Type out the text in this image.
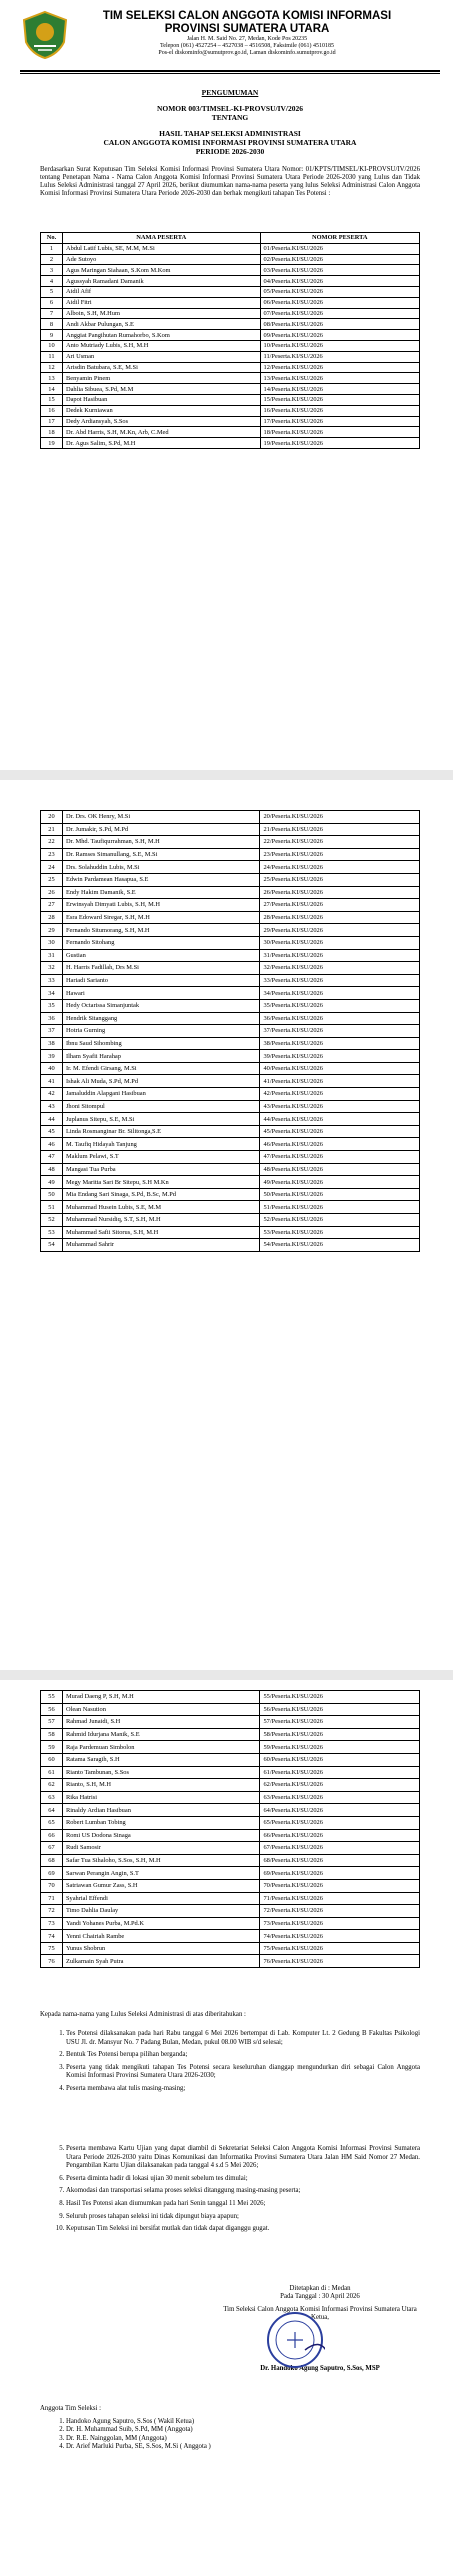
TIM SELEKSI CALON ANGGOTA KOMISI INFORMASI
PROVINSI SUMATERA UTARA
Jalan H. M. Said No. 27, Medan, Kode Pos 20235
Telepon (061) 4527254 – 4527038 – 4516508, Faksimile (061) 4510185
Pos-el diskominfo@sumutprov.go.id, Laman diskominfo.sumutprov.go.id
PENGUMUMAN
NOMOR 003/TIMSEL-KI-PROVSU/IV/2026
TENTANG
HASIL TAHAP SELEKSI ADMINISTRASI
CALON ANGGOTA KOMISI INFORMASI PROVINSI SUMATERA UTARA
PERIODE 2026-2030
Berdasarkan Surat Keputusan Tim Seleksi Komisi Informasi Provinsi Sumatera Utara Nomor: 01/KPTS/TIMSEL/KI-PROVSU/IV/2026 tentang Penetapan Nama - Nama Calon Anggota Komisi Informasi Provinsi Sumatera Utara Periode 2026-2030 yang Lulus dan Tidak Lulus Seleksi Administrasi tanggal 27 April 2026, berikut diumumkan nama-nama peserta yang lulus Seleksi Administrasi Calon Anggota Komisi Informasi Provinsi Sumatera Utara Periode 2026-2030 dan berhak mengikuti tahapan Tes Potensi :
No.	NAMA PESERTA	NOMOR PESERTA
1	Abdul Latif Lubis, SE, M.M, M.Si	01/Peserta.KI/SU/2026
2	Ade Sutoyo	02/Peserta.KI/SU/2026
3	Agus Maringan Siahaan, S.Kom M.Kom	03/Peserta.KI/SU/2026
4	Agussyah Ramadani Damanik	04/Peserta.KI/SU/2026
5	Aidil Afif	05/Peserta.KI/SU/2026
6	Aidil Fitri	06/Peserta.KI/SU/2026
7	Alboin, S.H, M.Hum	07/Peserta.KI/SU/2026
8	Andi Akbar Pulungan, S.E	08/Peserta.KI/SU/2026
9	Anggiat Pangihutan Rumahorbo, S.Kom	09/Peserta.KI/SU/2026
10	Anto Mutriady Lubis, S.H, M.H	10/Peserta.KI/SU/2026
11	Ari Usman	11/Peserta.KI/SU/2026
12	Arisdin Batubara, S.E, M.Si	12/Peserta.KI/SU/2026
13	Benyamin Pinem	13/Peserta.KI/SU/2026
14	Dahlia Sibuea, S.Pd, M.M	14/Peserta.KI/SU/2026
15	Dapot Hasibuan	15/Peserta.KI/SU/2026
16	Dedek Kurniawan	16/Peserta.KI/SU/2026
17	Dedy Ardiansyah, S.Sos	17/Peserta.KI/SU/2026
18	Dr. Abd Harris, S.H, M.Kn, Arb, C.Med	18/Peserta.KI/SU/2026
19	Dr. Agus Salim, S.Pd, M.H	19/Peserta.KI/SU/2026
20	Dr. Drs. OK Henry, M.Si	20/Peserta.KI/SU/2026
21	Dr. Jumakir, S.Pd, M.Pd	21/Peserta.KI/SU/2026
22	Dr. Mhd. Taufiqurrahman, S.H, M.H	22/Peserta.KI/SU/2026
23	Dr. Ramses Simanullang, S.E, M.Si	23/Peserta.KI/SU/2026
24	Drs. Solahuddin Lubis, M.Si	24/Peserta.KI/SU/2026
25	Edwin Pardamean Hasapua, S.E	25/Peserta.KI/SU/2026
26	Endy Hakim Damanik, S.E	26/Peserta.KI/SU/2026
27	Erwinsyah Dimyati Lubis, S.H, M.H	27/Peserta.KI/SU/2026
28	Esra Edoward Siregar, S.H, M.H	28/Peserta.KI/SU/2026
29	Fernando Situmorang, S.H, M.H	29/Peserta.KI/SU/2026
30	Fernando Sitohang	30/Peserta.KI/SU/2026
31	Gustian	31/Peserta.KI/SU/2026
32	H. Harris Fadillah, Drs M.Si	32/Peserta.KI/SU/2026
33	Hariadi Sarianto	33/Peserta.KI/SU/2026
34	Hawari	34/Peserta.KI/SU/2026
35	Hedy Octarissa Simanjuntak	35/Peserta.KI/SU/2026
36	Hendrik Sitanggang	36/Peserta.KI/SU/2026
37	Hotria Gurning	37/Peserta.KI/SU/2026
38	Ibnu Saud Sihombing	38/Peserta.KI/SU/2026
39	Ilham Syafii Harahap	39/Peserta.KI/SU/2026
40	Ir. M. Efendi Girsang, M.Si	40/Peserta.KI/SU/2026
41	Ishak Ali Muda, S.Pd, M.Pd	41/Peserta.KI/SU/2026
42	Jamaluddin Alapgani Hasibuan	42/Peserta.KI/SU/2026
43	Jhoni Sitompul	43/Peserta.KI/SU/2026
44	Juplanus Sitepu, S.E, M.Si	44/Peserta.KI/SU/2026
45	Linda Rosmanginar Br. Silitonga,S.E	45/Peserta.KI/SU/2026
46	M. Taufiq Hidayah Tanjung	46/Peserta.KI/SU/2026
47	Maklum Pelawi, S.T	47/Peserta.KI/SU/2026
48	Mangasi Tua Purba	48/Peserta.KI/SU/2026
49	Megy Maritta Sari Br Sitepu, S.H M.Kn	49/Peserta.KI/SU/2026
50	Mia Endang Sari Sinaga, S.Pd, B.Sc, M.Pd	50/Peserta.KI/SU/2026
51	Muhammad Husein Lubis, S.E, M.M	51/Peserta.KI/SU/2026
52	Muhammad Nursidiq, S.T, S.H, M.H	52/Peserta.KI/SU/2026
53	Muhammad Safii Sitorus, S.H, M.H	53/Peserta.KI/SU/2026
54	Muhammad Sahrir	54/Peserta.KI/SU/2026
55	Murad Daeng P, S.H, M.H	55/Peserta.KI/SU/2026
56	Olean Nasution	56/Peserta.KI/SU/2026
57	Rahmad Junaidi, S.H	57/Peserta.KI/SU/2026
58	Rahmid Idurjana Manik, S.E	58/Peserta.KI/SU/2026
59	Raja Pardemuan Simbolon	59/Peserta.KI/SU/2026
60	Ratama Saragih, S.H	60/Peserta.KI/SU/2026
61	Rianto Tambunan, S.Sos	61/Peserta.KI/SU/2026
62	Rianto, S.H, M.H	62/Peserta.KI/SU/2026
63	Rika Hatrisi	63/Peserta.KI/SU/2026
64	Rinaldy Ardian Hasibuan	64/Peserta.KI/SU/2026
65	Robert Lumban Tobing	65/Peserta.KI/SU/2026
66	Romi US Dodona Sinaga	66/Peserta.KI/SU/2026
67	Rudi Samosir	67/Peserta.KI/SU/2026
68	Safar Tua Sihaloho, S.Sos, S.H, M.H	68/Peserta.KI/SU/2026
69	Sarwan Perangin Angin, S.T	69/Peserta.KI/SU/2026
70	Satriawan Gumur Zass, S.H	70/Peserta.KI/SU/2026
71	Syahrial Effendi	71/Peserta.KI/SU/2026
72	Timo Dahlia Daulay	72/Peserta.KI/SU/2026
73	Yandi Yohanes Purba, M.Pd.K	73/Peserta.KI/SU/2026
74	Yenni Chairiah Rambe	74/Peserta.KI/SU/2026
75	Yunus Shobrun	75/Peserta.KI/SU/2026
76	Zulkarnain Syah Putra	76/Peserta.KI/SU/2026
Kepada nama-nama yang Lulus Seleksi Administrasi di atas diberitahukan :
1. Tes Potensi dilaksanakan pada hari Rabu tanggal 6 Mei 2026 bertempat di Lab. Komputer Lt. 2 Gedung B Fakultas Psikologi USU Jl. dr. Mansyur No. 7 Padang Bulan, Medan, pukul 08.00 WIB s/d selesai;
2. Bentuk Tes Potensi berupa pilihan berganda;
3. Peserta yang tidak mengikuti tahapan Tes Potensi secara keseluruhan dianggap mengundurkan diri sebagai Calon Anggota Komisi Informasi Provinsi Sumatera Utara 2026-2030;
4. Peserta membawa alat tulis masing-masing;
5. Peserta membawa Kartu Ujian yang dapat diambil di Sekretariat Seleksi Calon Anggota Komisi Informasi Provinsi Sumatera Utara Periode 2026-2030 yaitu Dinas Komunikasi dan Informatika Provinsi Sumatera Utara Jalan HM Said Nomor 27 Medan. Pengambilan Kartu Ujian dilaksanakan pada tanggal 4 s.d 5 Mei 2026;
6. Peserta diminta hadir di lokasi ujian 30 menit sebelum tes dimulai;
7. Akomodasi dan transportasi selama proses seleksi ditanggung masing-masing peserta;
8. Hasil Tes Potensi akan diumumkan pada hari Senin tanggal 11 Mei 2026;
9. Seluruh proses tahapan seleksi ini tidak dipungut biaya apapun;
10. Keputusan Tim Seleksi ini bersifat mutlak dan tidak dapat diganggu gugat.
Ditetapkan di : Medan
Pada Tanggal : 30 April 2026
Tim Seleksi Calon Anggota Komisi Informasi Provinsi Sumatera Utara
Ketua,
Dr. Handoko Agung Saputro, S.Sos, MSP
Anggota Tim Seleksi :
1. Handoko Agung Saputro, S.Sos ( Wakil Ketua)
2. Dr. H. Muhammad Suib, S.Pd, MM (Anggota)
3. Dr. R.E. Nainggolan, MM (Anggota)
4. Dr. Arief Marluki Purba, SE, S.Sos, M.Si ( Anggota )
